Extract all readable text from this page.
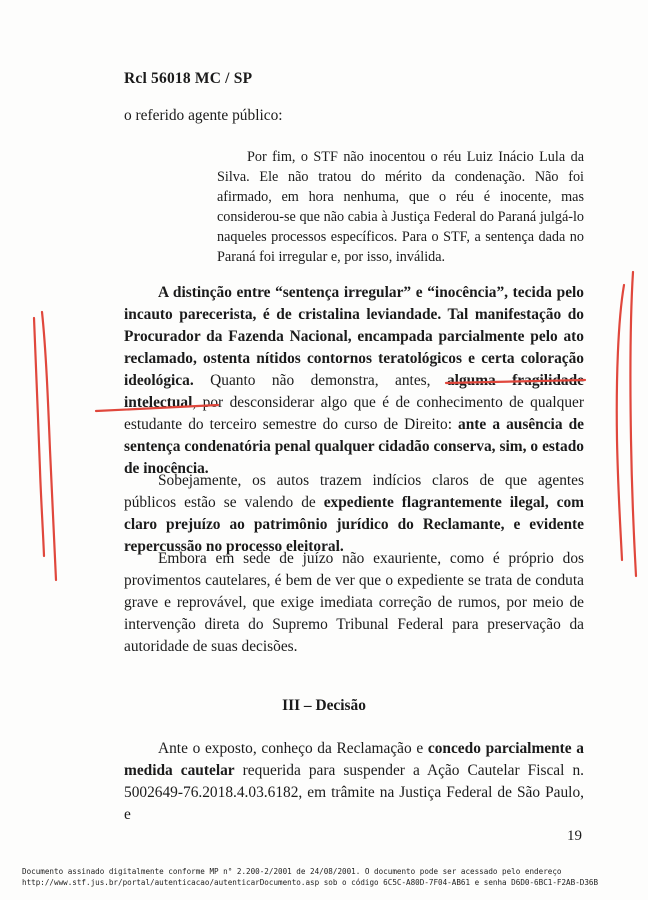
Rcl 56018 MC / SP

o referido agente público:

Por fim, o STF não inocentou o réu Luiz Inácio Lula da Silva. Ele não tratou do mérito da condenação. Não foi afirmado, em hora nenhuma, que o réu é inocente, mas considerou-se que não cabia à Justiça Federal do Paraná julgá-lo naqueles processos específicos. Para o STF, a sentença dada no Paraná foi irregular e, por isso, inválida.

A distinção entre “sentença irregular” e “inocência”, tecida pelo incauto parecerista, é de cristalina leviandade. Tal manifestação do Procurador da Fazenda Nacional, encampada parcialmente pelo ato reclamado, ostenta nítidos contornos teratológicos e certa coloração ideológica. Quanto não demonstra, antes, alguma fragilidade intelectual, por desconsiderar algo que é de conhecimento de qualquer estudante do terceiro semestre do curso de Direito: ante a ausência de sentença condenatória penal qualquer cidadão conserva, sim, o estado de inocência.

Sobejamente, os autos trazem indícios claros de que agentes públicos estão se valendo de expediente flagrantemente ilegal, com claro prejuízo ao patrimônio jurídico do Reclamante, e evidente repercussão no processo eleitoral.

Embora em sede de juízo não exauriente, como é próprio dos provimentos cautelares, é bem de ver que o expediente se trata de conduta grave e reprovável, que exige imediata correção de rumos, por meio de intervenção direta do Supremo Tribunal Federal para preservação da autoridade de suas decisões.

III – Decisão

Ante o exposto, conheço da Reclamação e concedo parcialmente a medida cautelar requerida para suspender a Ação Cautelar Fiscal n. 5002649-76.2018.4.03.6182, em trâmite na Justiça Federal de São Paulo, e

19
Documento assinado digitalmente conforme MP n° 2.200-2/2001 de 24/08/2001. O documento pode ser acessado pelo endereço
http://www.stf.jus.br/portal/autenticacao/autenticarDocumento.asp sob o código 6C5C-A80D-7F04-AB61 e senha D6D0-6BC1-F2AB-D36B
